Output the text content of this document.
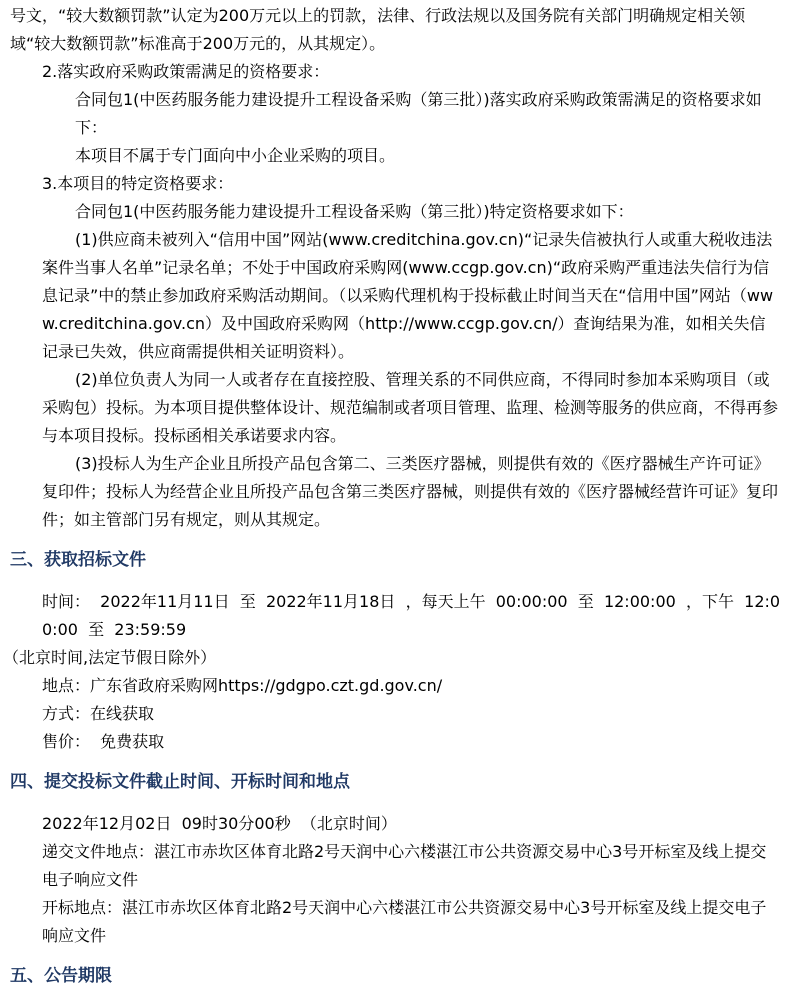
号文，“较大数额罚款”认定为200万元以上的罚款，法律、行政法规以及国务院有关部门明确规定相关领域“较大数额罚款”标准高于200万元的，从其规定）。

2.落实政府采购政策需满足的资格要求：

合同包1(中医药服务能力建设提升工程设备采购（第三批）)落实政府采购政策需满足的资格要求如下：

本项目不属于专门面向中小企业采购的项目。

3.本项目的特定资格要求：

合同包1(中医药服务能力建设提升工程设备采购（第三批）)特定资格要求如下：

(1)供应商未被列入“信用中国”网站(www.creditchina.gov.cn)“记录失信被执行人或重大税收违法案件当事人名单”记录名单；不处于中国政府采购网(www.ccgp.gov.cn)“政府采购严重违法失信行为信息记录”中的禁止参加政府采购活动期间。（以采购代理机构于投标截止时间当天在“信用中国”网站（www.creditchina.gov.cn）及中国政府采购网（http://www.ccgp.gov.cn/）查询结果为准，如相关失信记录已失效，供应商需提供相关证明资料）。

(2)单位负责人为同一人或者存在直接控股、管理关系的不同供应商，不得同时参加本采购项目（或采购包）投标。为本项目提供整体设计、规范编制或者项目管理、监理、检测等服务的供应商，不得再参与本项目投标。投标函相关承诺要求内容。

(3)投标人为生产企业且所投产品包含第二、三类医疗器械，则提供有效的《医疗器械生产许可证》复印件；投标人为经营企业且所投产品包含第三类医疗器械，则提供有效的《医疗器械经营许可证》复印件；如主管部门另有规定，则从其规定。

三、获取招标文件

时间：  2022年11月11日  至  2022年11月18日  ，每天上午  00:00:00  至  12:00:00  ，下午  12:00:00  至  23:59:59

（北京时间,法定节假日除外）

地点：广东省政府采购网https://gdgpo.czt.gd.gov.cn/

方式：在线获取

售价：  免费获取

四、提交投标文件截止时间、开标时间和地点

2022年12月02日  09时30分00秒  （北京时间）

递交文件地点：湛江市赤坎区体育北路2号天润中心六楼湛江市公共资源交易中心3号开标室及线上提交电子响应文件

开标地点：湛江市赤坎区体育北路2号天润中心六楼湛江市公共资源交易中心3号开标室及线上提交电子响应文件

五、公告期限
